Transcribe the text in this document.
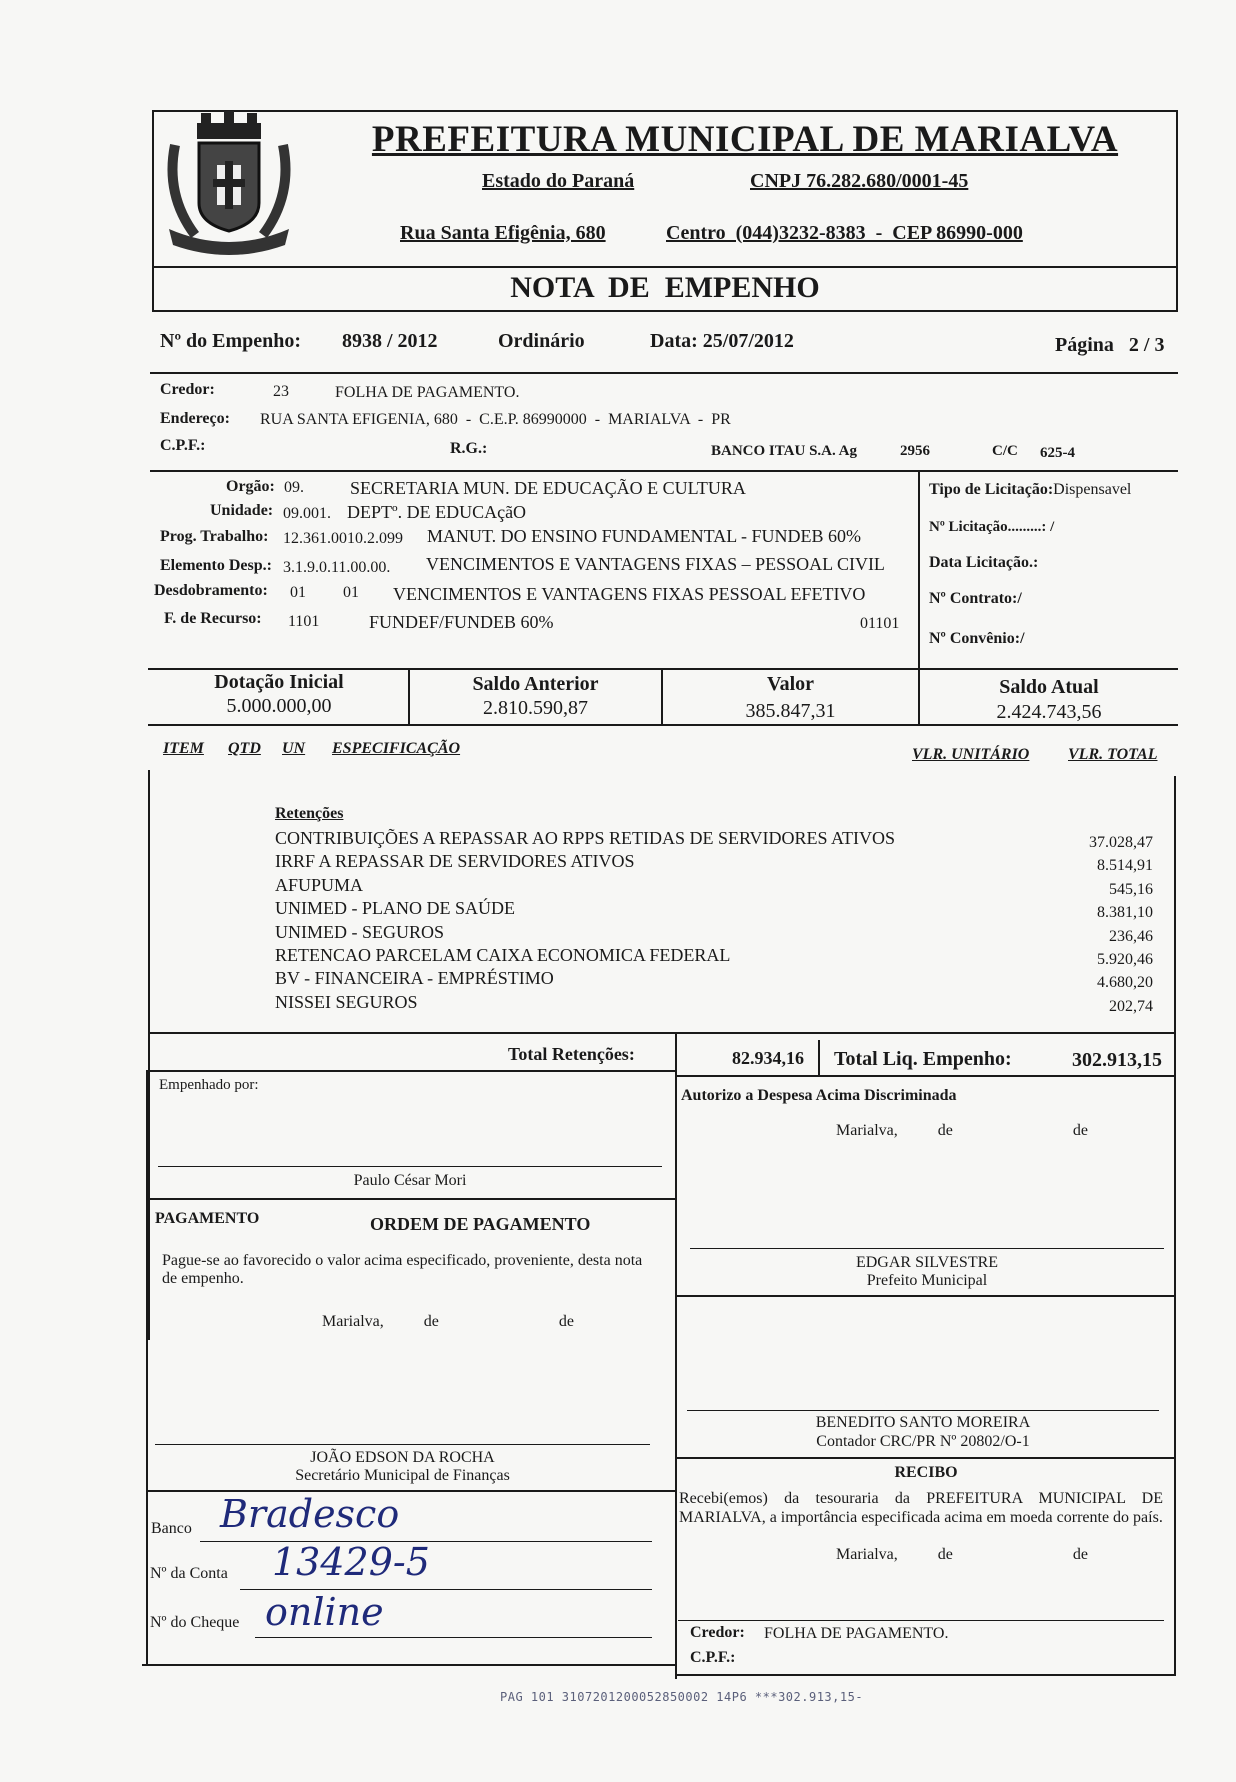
PREFEITURA MUNICIPAL DE MARIALVA
Estado do Paraná	CNPJ 76.282.680/0001-45
Rua Santa Efigênia, 680	Centro  (044)3232-8383  -  CEP 86990-000
NOTA  DE  EMPENHO
Nº do Empenho: 8938 / 2012	Ordinário	Data: 25/07/2012	Página   2 / 3
Credor:	23	FOLHA DE PAGAMENTO.
Endereço: RUA SANTA EFIGENIA, 680  -  C.E.P. 86990000  -  MARIALVA  -  PR
C.P.F.:	R.G.:	BANCO ITAU S.A. Ag	2956	C/C 625-4
Orgão: 09.	SECRETARIA MUN. DE EDUCAÇÃO E CULTURA
Unidade: 09.001. DEPTº. DE EDUCAçãO
Prog. Trabalho: 12.361.0010.2.099 MANUT. DO ENSINO FUNDAMENTAL - FUNDEB 60%
Elemento Desp.: 3.1.9.0.11.00.00. VENCIMENTOS E VANTAGENS FIXAS – PESSOAL CIVIL
Desdobramento: 01 01 VENCIMENTOS E VANTAGENS FIXAS PESSOAL EFETIVO
F. de Recurso: 1101	FUNDEF/FUNDEB 60%	01101
Tipo de Licitação:Dispensavel
Nº Licitação.........: /
Data Licitação.:
Nº Contrato:/
Nº Convênio:/
Dotação Inicial
5.000.000,00
Saldo Anterior
2.810.590,87
Valor
385.847,31
Saldo Atual
2.424.743,56
ITEM QTD UN ESPECIFICAÇÃO	VLR. UNITÁRIO VLR. TOTAL
Retenções
CONTRIBUIÇÕES A REPASSAR AO RPPS RETIDAS DE SERVIDORES ATIVOS	37.028,47
IRRF A REPASSAR DE SERVIDORES ATIVOS	8.514,91
AFUPUMA	545,16
UNIMED - PLANO DE SAÚDE	8.381,10
UNIMED - SEGUROS	236,46
RETENCAO PARCELAM CAIXA ECONOMICA FEDERAL	5.920,46
BV - FINANCEIRA - EMPRÉSTIMO	4.680,20
NISSEI SEGUROS	202,74
Total Retenções:	82.934,16 Total Liq. Empenho:	302.913,15
Empenhado por:
Paulo César Mori
PAGAMENTO	ORDEM DE PAGAMENTO
Pague-se ao favorecido o valor acima especificado, proveniente, desta nota de empenho.
Marialva,          de                              de
JOÃO EDSON DA ROCHA
Secretário Municipal de Finanças
Banco Bradesco
Nº da Conta 13429-5
Nº do Cheque online
Autorizo a Despesa Acima Discriminada
Marialva,          de                              de
EDGAR SILVESTRE
Prefeito Municipal
BENEDITO SANTO MOREIRA
Contador CRC/PR Nº 20802/O-1
RECIBO
Recebi(emos) da tesouraria da PREFEITURA MUNICIPAL DE MARIALVA, a importância especificada acima em moeda corrente do país.
Marialva,          de                              de
Credor: FOLHA DE PAGAMENTO.
C.P.F.:
PAG 101 3107201200052850002 14P6 ***302.913,15-
